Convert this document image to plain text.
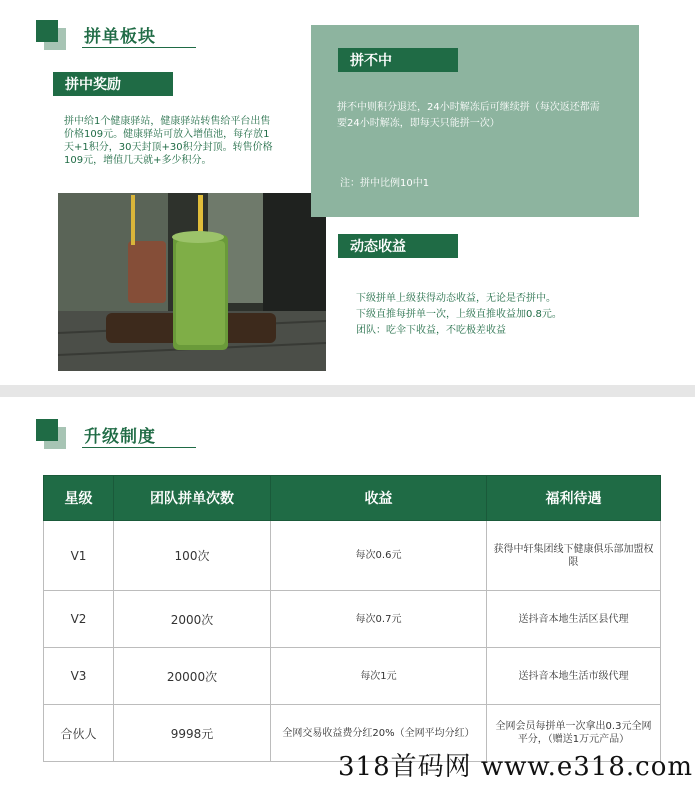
拼单板块
拼中奖励
拼中给1个健康驿站，健康驿站转售给平台出售价格109元。健康驿站可放入增值池，每存放1天+1积分，30天封顶+30积分封顶。转售价格109元，增值几天就+多少积分。
拼不中
拼不中则积分退还，24小时解冻后可继续拼（每次返还都需要24小时解冻，即每天只能拼一次）
注：拼中比例10中1
动态收益
下级拼单上级获得动态收益，无论是否拼中。
下级直推每拼单一次，上级直推收益加0.8元。
团队：吃伞下收益，不吃极差收益
升级制度
星级	团队拼单次数	收益	福利待遇
V1	100次	每次0.6元	获得中轩集团线下健康俱乐部加盟权限
V2	2000次	每次0.7元	送抖音本地生活区县代理
V3	20000次	每次1元	送抖音本地生活市级代理
合伙人	9998元	全网交易收益费分红20%（全网平均分红）	全网会员每拼单一次拿出0.3元全网平分，（赠送1万元产品）
318首码网 www.e318.com
